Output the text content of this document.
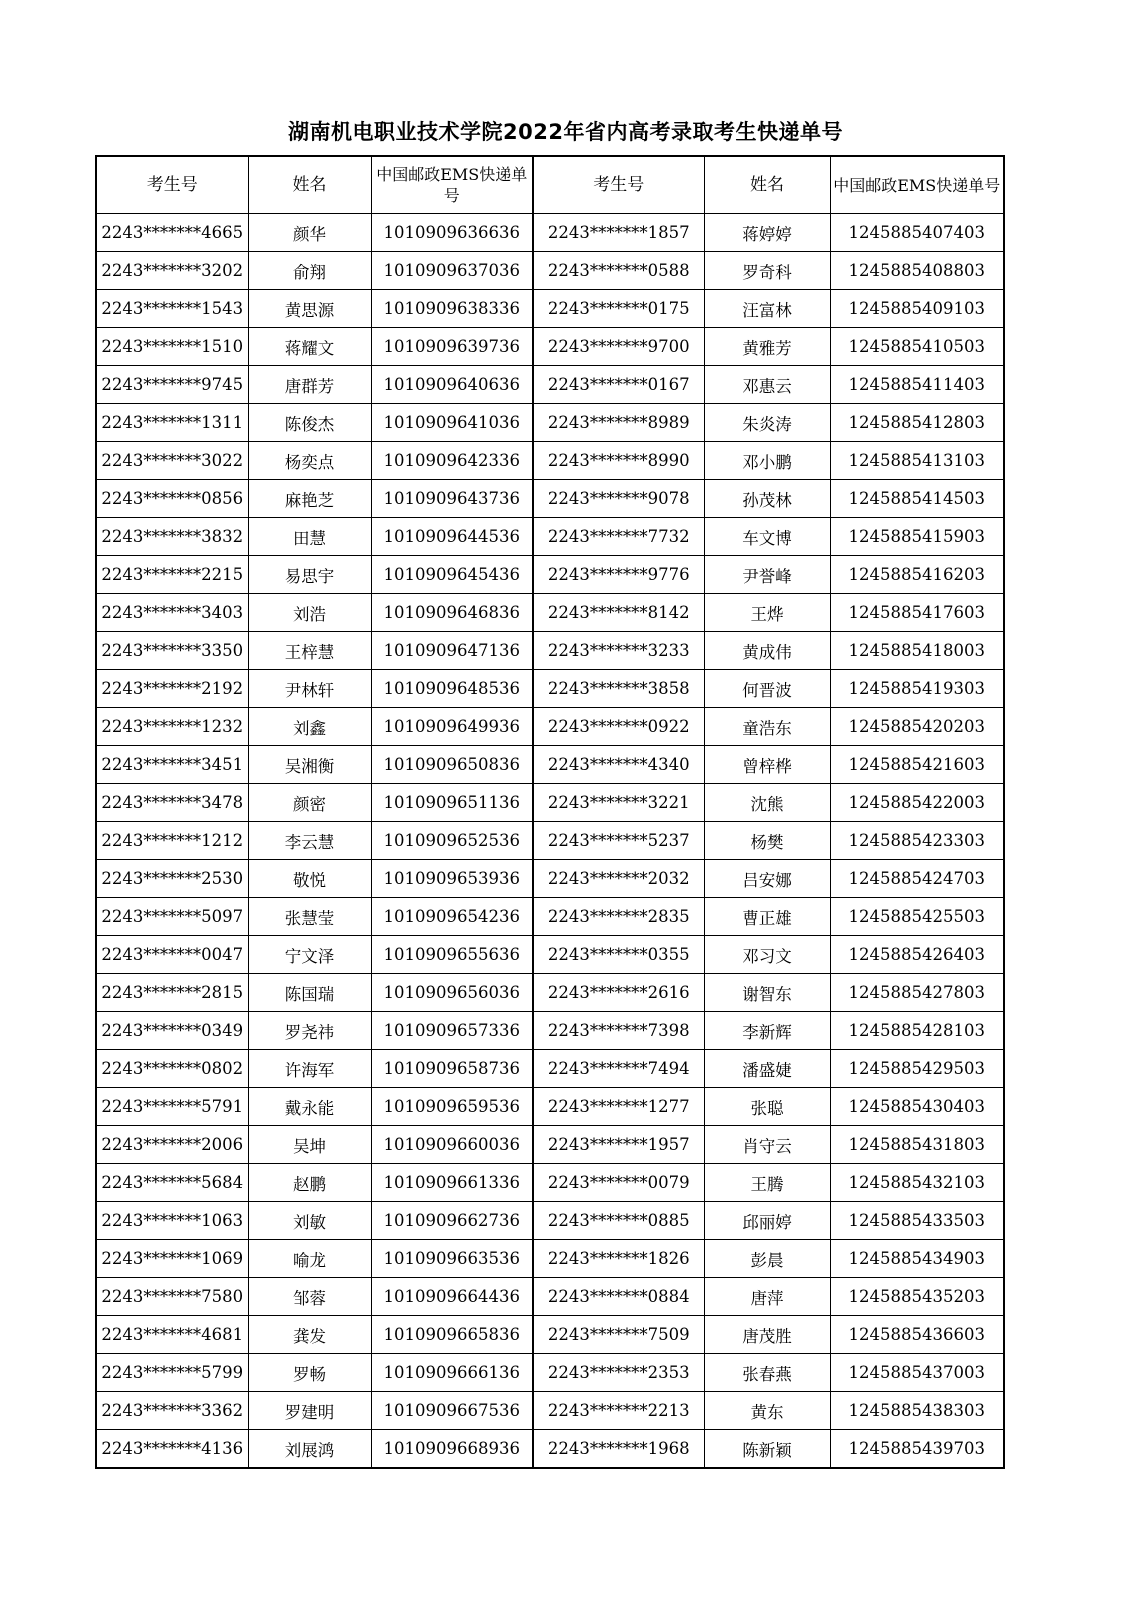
湖南机电职业技术学院2022年省内高考录取考生快递单号
考生号	姓名	中国邮政EMS快递单号	考生号	姓名	中国邮政EMS快递单号
2243*******4665	颜华	1010909636636	2243*******1857	蒋婷婷	1245885407403
2243*******3202	俞翔	1010909637036	2243*******0588	罗奇科	1245885408803
2243*******1543	黄思源	1010909638336	2243*******0175	汪富林	1245885409103
2243*******1510	蒋耀文	1010909639736	2243*******9700	黄雅芳	1245885410503
2243*******9745	唐群芳	1010909640636	2243*******0167	邓惠云	1245885411403
2243*******1311	陈俊杰	1010909641036	2243*******8989	朱炎涛	1245885412803
2243*******3022	杨奕点	1010909642336	2243*******8990	邓小鹏	1245885413103
2243*******0856	麻艳芝	1010909643736	2243*******9078	孙茂林	1245885414503
2243*******3832	田慧	1010909644536	2243*******7732	车文博	1245885415903
2243*******2215	易思宇	1010909645436	2243*******9776	尹誉峰	1245885416203
2243*******3403	刘浩	1010909646836	2243*******8142	王烨	1245885417603
2243*******3350	王梓慧	1010909647136	2243*******3233	黄成伟	1245885418003
2243*******2192	尹林轩	1010909648536	2243*******3858	何晋波	1245885419303
2243*******1232	刘鑫	1010909649936	2243*******0922	童浩东	1245885420203
2243*******3451	吴湘衡	1010909650836	2243*******4340	曾梓桦	1245885421603
2243*******3478	颜密	1010909651136	2243*******3221	沈熊	1245885422003
2243*******1212	李云慧	1010909652536	2243*******5237	杨樊	1245885423303
2243*******2530	敬悦	1010909653936	2243*******2032	吕安娜	1245885424703
2243*******5097	张慧莹	1010909654236	2243*******2835	曹正雄	1245885425503
2243*******0047	宁文泽	1010909655636	2243*******0355	邓习文	1245885426403
2243*******2815	陈国瑞	1010909656036	2243*******2616	谢智东	1245885427803
2243*******0349	罗尧祎	1010909657336	2243*******7398	李新辉	1245885428103
2243*******0802	许海军	1010909658736	2243*******7494	潘盛婕	1245885429503
2243*******5791	戴永能	1010909659536	2243*******1277	张聪	1245885430403
2243*******2006	吴坤	1010909660036	2243*******1957	肖守云	1245885431803
2243*******5684	赵鹏	1010909661336	2243*******0079	王腾	1245885432103
2243*******1063	刘敏	1010909662736	2243*******0885	邱丽婷	1245885433503
2243*******1069	喻龙	1010909663536	2243*******1826	彭晨	1245885434903
2243*******7580	邹蓉	1010909664436	2243*******0884	唐萍	1245885435203
2243*******4681	龚发	1010909665836	2243*******7509	唐茂胜	1245885436603
2243*******5799	罗畅	1010909666136	2243*******2353	张春燕	1245885437003
2243*******3362	罗建明	1010909667536	2243*******2213	黄东	1245885438303
2243*******4136	刘展鸿	1010909668936	2243*******1968	陈新颖	1245885439703
